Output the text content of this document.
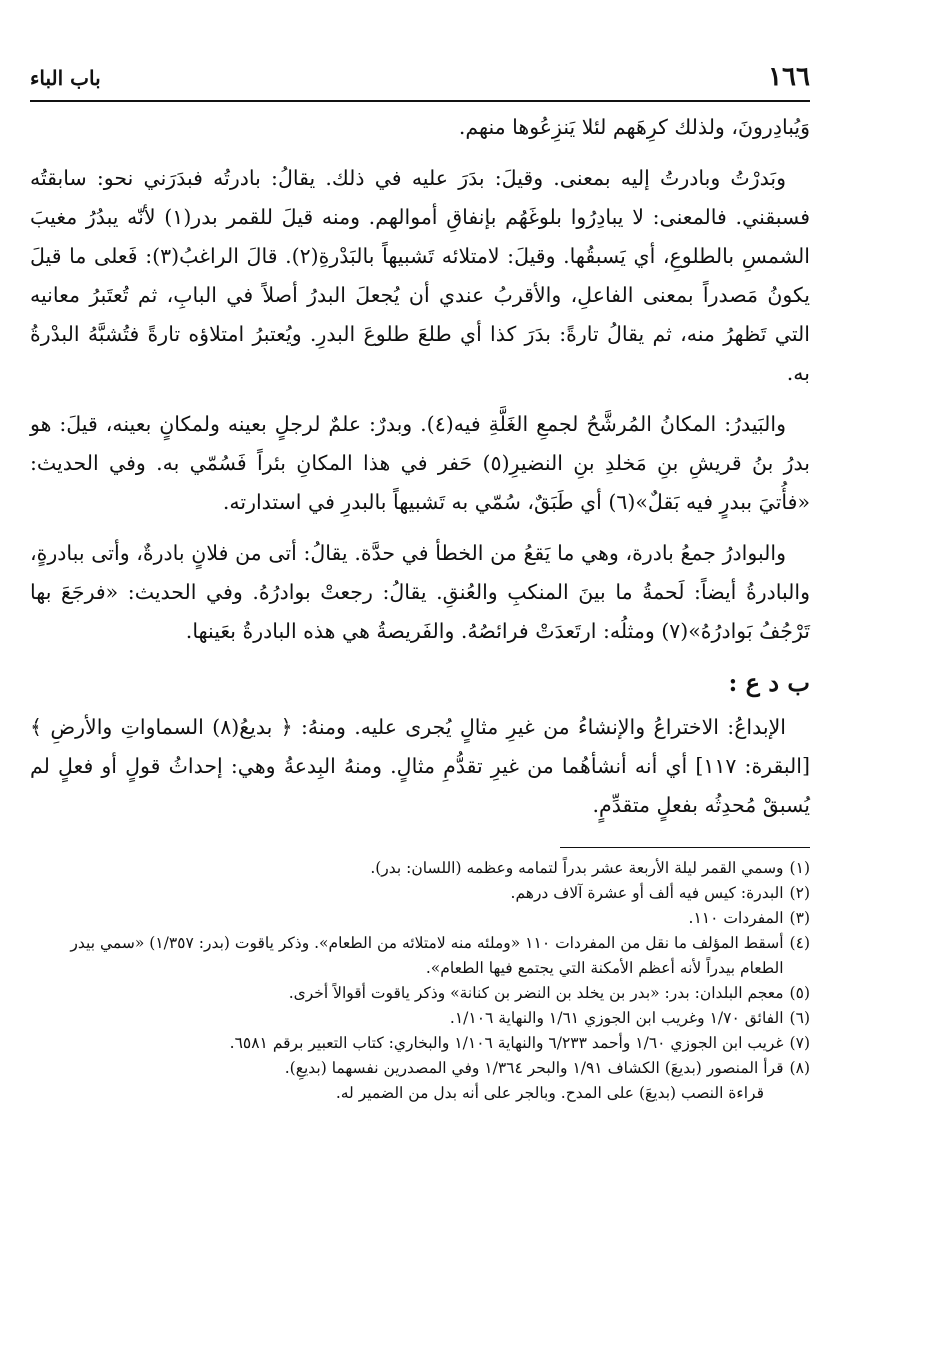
١٦٦
باب الباء

وَيُبادِرونَ، ولذلك كرِهَهم لئلا يَنزِعُوها منهم.

وبَدرْتُ وبادرتُ إليه بمعنى. وقيلَ: بدَرَ عليه في ذلك. يقالُ: بادرتُه فبدَرَني نحو: سابقتُه فسبقني. فالمعنى: لا يبادِرُوا بلوغَهُم بإنفاقِ أموالهم. ومنه قيلَ للقمر بدر(١) لأنّه يبدُرُ مغيبَ الشمسِ بالطلوعِ، أي يَسبقُها. وقيلَ: لامتلائه تَشبيهاً بالبَدْرةِ(٢). قالَ الراغبُ(٣): فَعلى ما قيلَ يكونُ مَصدراً بمعنى الفاعلِ، والأقربُ عندي أن يُجعلَ البدرُ أصلاً في البابِ، ثم تُعتَبرُ معانيه التي تَظهرُ منه، ثم يقالُ تارةً: بدَرَ كذا أي طلعَ طلوعَ البدرِ. ويُعتبرُ امتلاؤه تارةً فتُشبَّهُ البدْرةُ به.

والبَيدرُ: المكانُ المُرشَّحُ لجمعِ الغَلَّةِ فيه(٤). وبدرٌ: علمٌ لرجلٍ بعينه ولمكانٍ بعينه، قيلَ: هو بدرُ بنُ قريشِ بنِ مَخلدِ بنِ النضيرِ(٥) حَفر في هذا المكانِ بئراً فَسُمّي به. وفي الحديث: «فأُتيَ ببدرٍ فيه بَقلٌ»(٦) أي طَبَقٌ، سُمّي به تَشبيهاً بالبدرِ في استدارته.

والبوادرُ جمعُ بادرة، وهي ما يَقعُ من الخطأ في حدَّة. يقالُ: أتى من فلانٍ بادرةٌ، وأتى ببادرةٍ، والبادرةُ أيضاً: لَحمةُ ما بينَ المنكبِ والعُنقِ. يقالُ: رجعتْ بوادرُهُ. وفي الحديث: «فرجَعَ بها تَرْجُفُ بَوادرُهُ»(٧) ومثلُه: ارتَعدَتْ فرائصُهُ. والفَريصةُ هي هذه البادرةُ بعَينها.

ب د ع :

الإبداعُ: الاختراعُ والإنشاءُ من غيرِ مثالٍ يُجرى عليه. ومنهُ: ﴿ بديعُ(٨) السماواتِ والأرضِ ﴾ [البقرة: ١١٧] أي أنه أنشأهُما من غيرِ تقدُّمِ مثالٍ. ومنهُ البِدعةُ وهي: إحداثُ قولٍ أو فعلٍ لم يُسبقْ مُحدِثُه بفعلٍ متقدِّمٍ.

(١)
وسمي القمر ليلة الأربعة عشر بدراً لتمامه وعظمه (اللسان: بدر).
(٢)
البدرة: كيس فيه ألف أو عشرة آلاف درهم.
(٣)
المفردات ١١٠.
(٤)
أسقط المؤلف ما نقل من المفردات ١١٠ «وملئه منه لامتلائه من الطعام». وذكر ياقوت (بدر: ١/٣٥٧) «سمي بيدر الطعام بيدراً لأنه أعظم الأمكنة التي يجتمع فيها الطعام».
(٥)
معجم البلدان: بدر: «بدر بن يخلد بن النضر بن كنانة» وذكر ياقوت أقوالاً أخرى.
(٦)
الفائق ١/٧٠ وغريب ابن الجوزي ١/٦١ والنهاية ١/١٠٦.
(٧)
غريب ابن الجوزي ١/٦٠ وأحمد ٦/٢٣٣ والنهاية ١/١٠٦ والبخاري: كتاب التعبير برقم ٦٥٨١.
(٨)
قرأ المنصور (بديعَ) الكشاف ١/٩١ والبحر ١/٣٦٤ وفي المصدرين نفسهما (بديعِ).
قراءة النصب (بديعَ) على المدح. وبالجر على أنه بدل من الضمير له.
